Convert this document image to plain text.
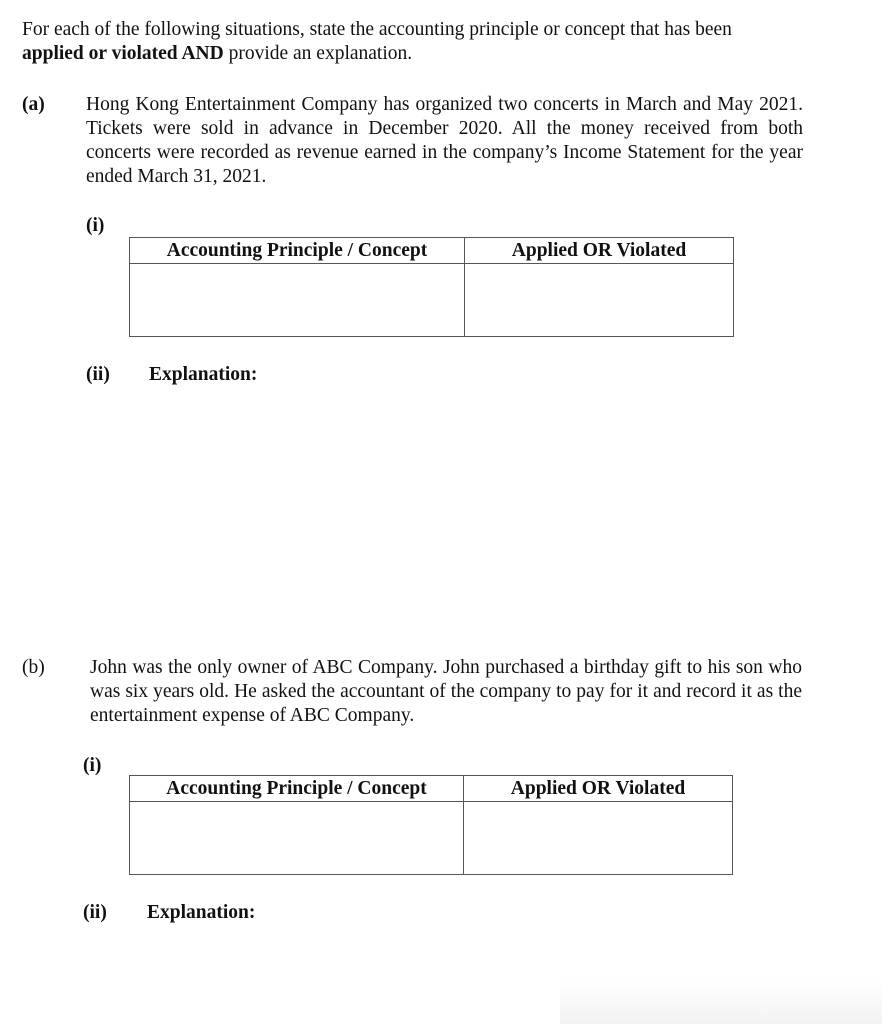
For each of the following situations, state the accounting principle or concept that has been

applied or violated AND provide an explanation.

(a) Hong Kong Entertainment Company has organized two concerts in March and May 2021. Tickets were sold in advance in December 2020. All the money received from both concerts were recorded as revenue earned in the company’s Income Statement for the year ended March 31, 2021.

(i)

Accounting Principle / Concept	Applied OR Violated

(ii) Explanation:

(b) John was the only owner of ABC Company. John purchased a birthday gift to his son who was six years old. He asked the accountant of the company to pay for it and record it as the entertainment expense of ABC Company.

(i)

Accounting Principle / Concept	Applied OR Violated

(ii) Explanation:
